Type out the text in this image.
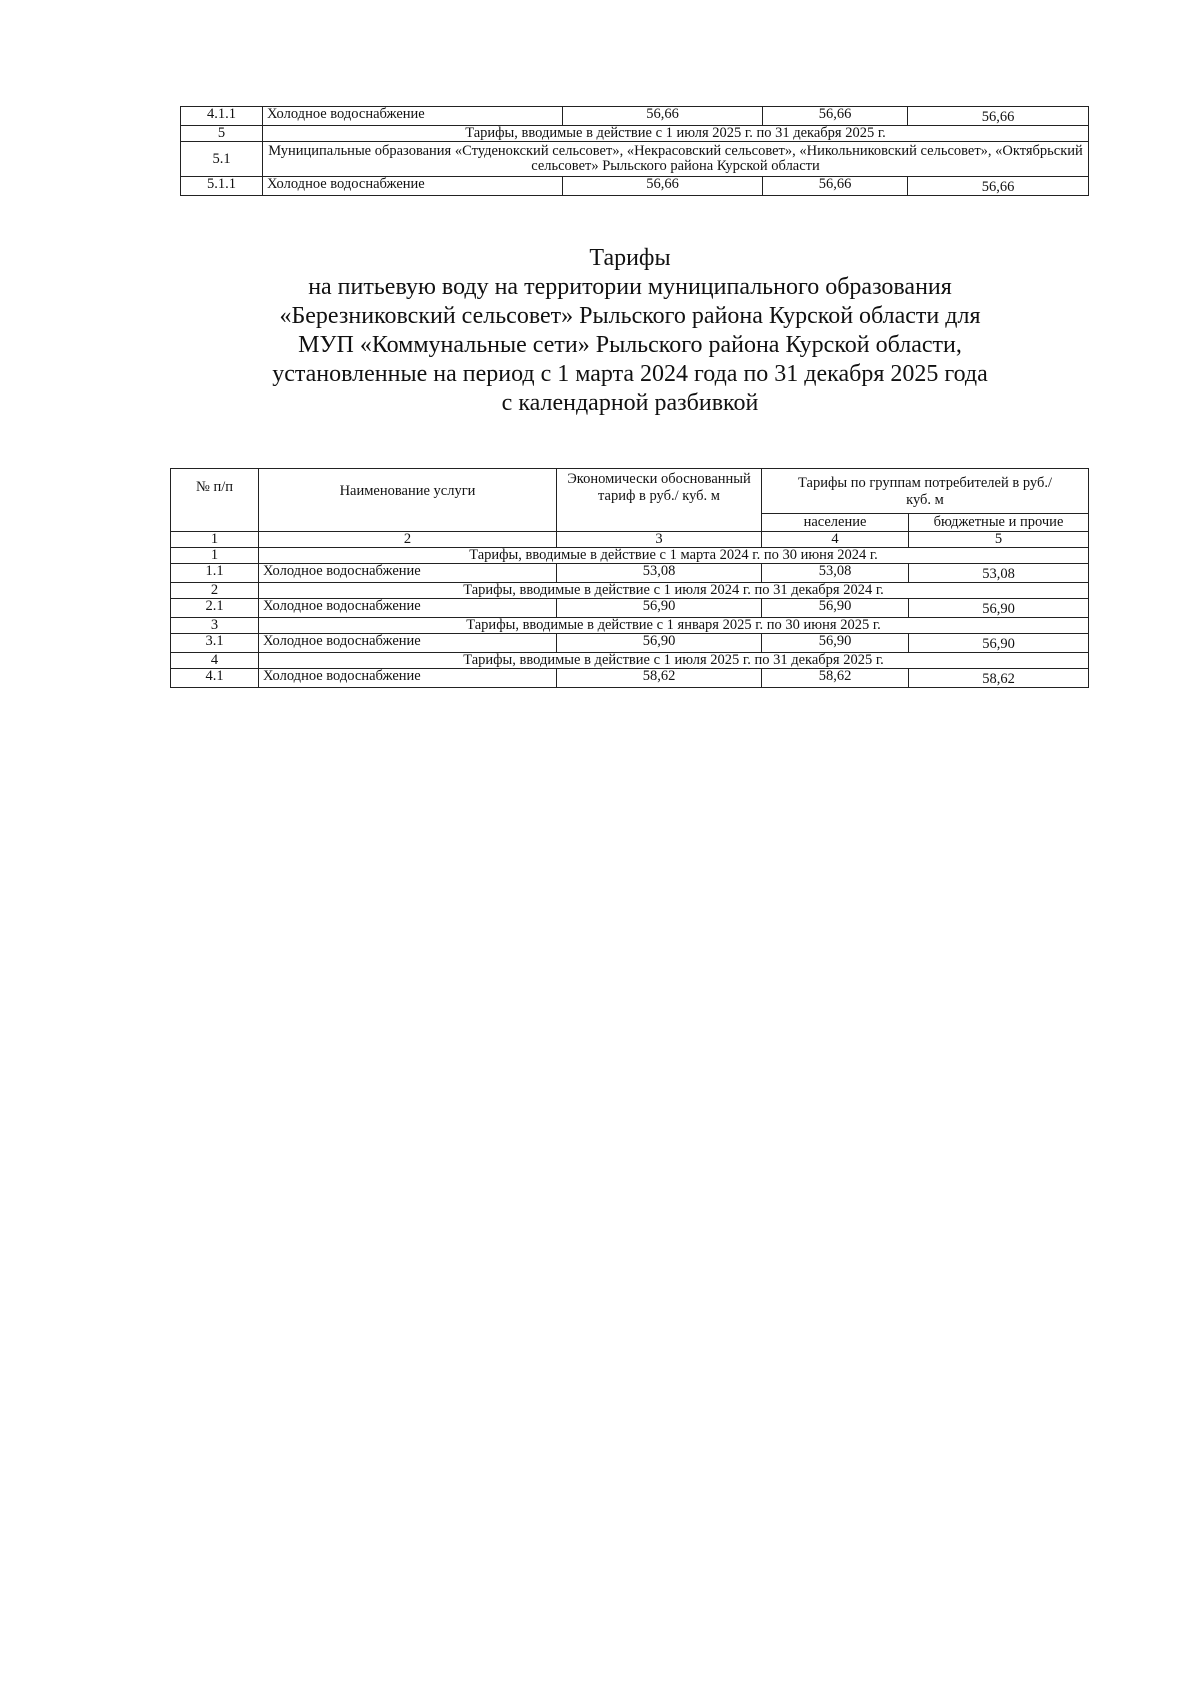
4.1.1	Холодное водоснабжение	56,66	56,66	56,66
5	Тарифы, вводимые в действие с 1 июля 2025 г. по 31 декабря 2025 г.			
5.1	Муниципальные образования «Студенокский сельсовет», «Некрасовский сельсовет», «Никольниковский сельсовет», «Октябрьский сельсовет» Рыльского района Курской области			
5.1.1	Холодное водоснабжение	56,66	56,66	56,66
Тарифы
на питьевую воду на территории муниципального образования
«Березниковский сельсовет» Рыльского района Курской области для
МУП «Коммунальные сети» Рыльского района Курской области,
установленные на период с 1 марта 2024 года по 31 декабря 2025 года
с календарной разбивкой
№ п/п	Наименование услуги	Экономически обоснованный тариф в руб./ куб. м	Тарифы по группам потребителей в руб./ куб. м	
			население	бюджетные и прочие
1	2	3	4	5
1	Тарифы, вводимые в действие с 1 марта 2024 г. по 30 июня 2024 г.			
1.1	Холодное водоснабжение	53,08	53,08	53,08
2	Тарифы, вводимые в действие с 1 июля 2024 г. по 31 декабря 2024 г.			
2.1	Холодное водоснабжение	56,90	56,90	56,90
3	Тарифы, вводимые в действие с 1 января 2025 г. по 30 июня 2025 г.			
3.1	Холодное водоснабжение	56,90	56,90	56,90
4	Тарифы, вводимые в действие с 1 июля 2025 г. по 31 декабря 2025 г.			
4.1	Холодное водоснабжение	58,62	58,62	58,62
